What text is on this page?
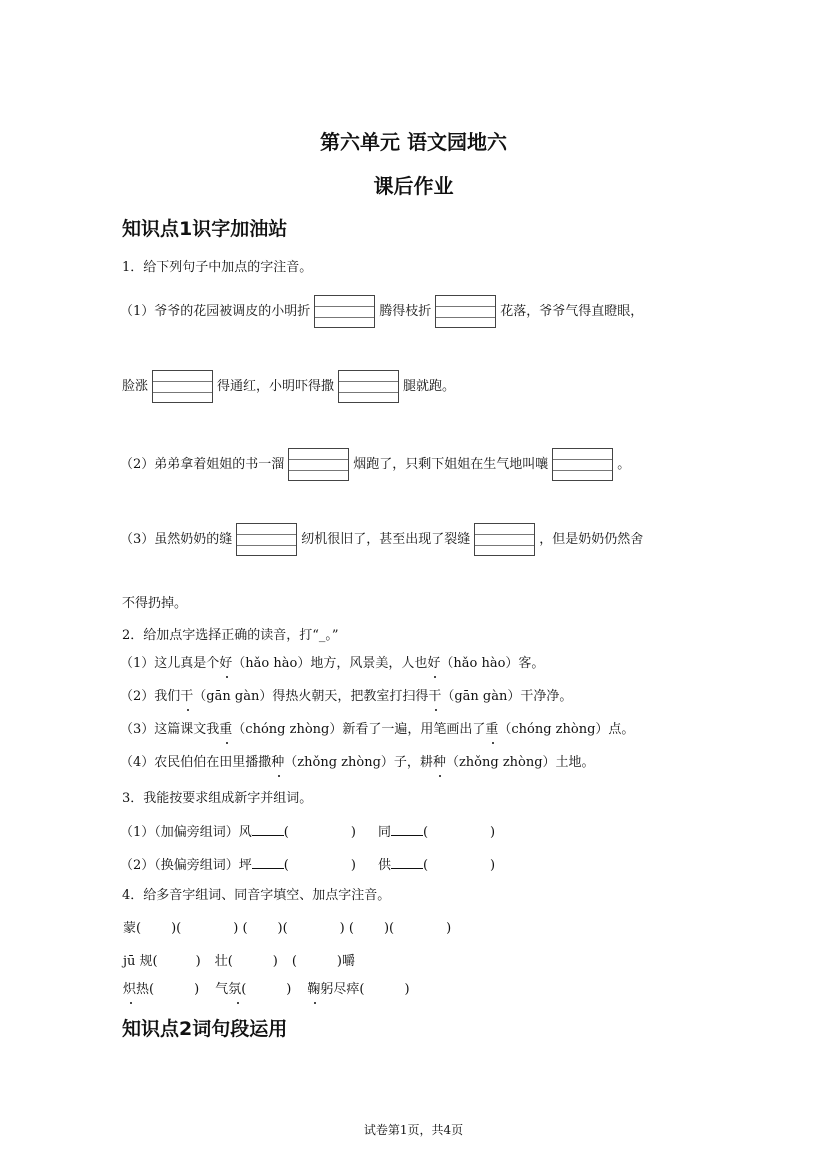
第六单元 语文园地六
课后作业
知识点1识字加油站
1．给下列句子中加点的字注音。
（1）爷爷的花园被调皮的小明折	腾得枝折	花落，爷爷气得直瞪眼，
脸涨	得通红，小明吓得撒	腿就跑。
（2）弟弟拿着姐姐的书一溜	烟跑了，只剩下姐姐在生气地叫嚷	。
（3）虽然奶奶的缝	纫机很旧了，甚至出现了裂缝	，但是奶奶仍然舍
不得扔掉。
2．给加点字选择正确的读音，打“_。”
（1）这儿真是个好（hǎo hào）地方，风景美，人也好（hǎo hào）客。
（2）我们干（gān gàn）得热火朝天，把教室打扫得干（gān gàn）干净净。
（3）这篇课文我重（chóng zhòng）新看了一遍，用笔画出了重（chóng zhòng）点。
（4）农民伯伯在田里播撒种（zhǒng zhòng）子，耕种（zhǒng zhòng）土地。
3．我能按要求组成新字并组词。
（1）（加偏旁组词）风 (	) 同 (	)
（2）（换偏旁组词）坪 (	) 供 (	)
4．给多音字组词、同音字填空、加点字注音。
蒙( )(	) ( )(	) ( )(	)
jū 规(	) 壮(	) (	)嚼
炽热(	) 气氛(	) 鞠躬尽瘁(	)
知识点2词句段运用
试卷第1页，共4页
